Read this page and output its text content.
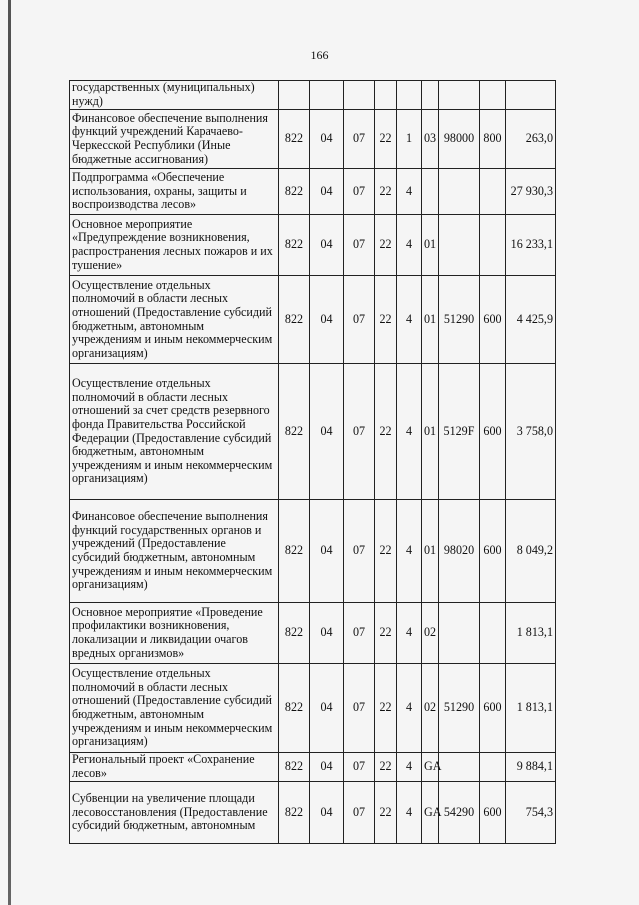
166
государственных (муниципальных) нужд)									
Финансовое обеспечение выполнения функций учреждений Карачаево-Черкесской Республики (Иные бюджетные ассигнования)	822	04	07	22	1	03	98000	800	263,0
Подпрограмма «Обеспечение использования, охраны, защиты и воспроизводства лесов»	822	04	07	22	4				27 930,3
Основное мероприятие «Предупреждение возникновения, распространения лесных пожаров и их тушение»	822	04	07	22	4	01			16 233,1
Осуществление отдельных полномочий в области лесных отношений (Предоставление субсидий бюджетным, автономным учреждениям и иным некоммерческим организациям)	822	04	07	22	4	01	51290	600	4 425,9
Осуществление отдельных полномочий в области лесных отношений за счет средств резервного фонда Правительства Российской Федерации (Предоставление субсидий бюджетным, автономным учреждениям и иным некоммерческим организациям)	822	04	07	22	4	01	5129F	600	3 758,0
Финансовое обеспечение выполнения функций государственных органов и учреждений (Предоставление субсидий бюджетным, автономным учреждениям и иным некоммерческим организациям)	822	04	07	22	4	01	98020	600	8 049,2
Основное мероприятие «Проведение профилактики возникновения, локализации и ликвидации очагов вредных организмов»	822	04	07	22	4	02			1 813,1
Осуществление отдельных полномочий в области лесных отношений (Предоставление субсидий бюджетным, автономным учреждениям и иным некоммерческим организациям)	822	04	07	22	4	02	51290	600	1 813,1
Региональный проект «Сохранение лесов»	822	04	07	22	4	GA			9 884,1
Субвенции на увеличение площади лесовосстановления (Предоставление субсидий бюджетным, автономным	822	04	07	22	4	GA	54290	600	754,3
